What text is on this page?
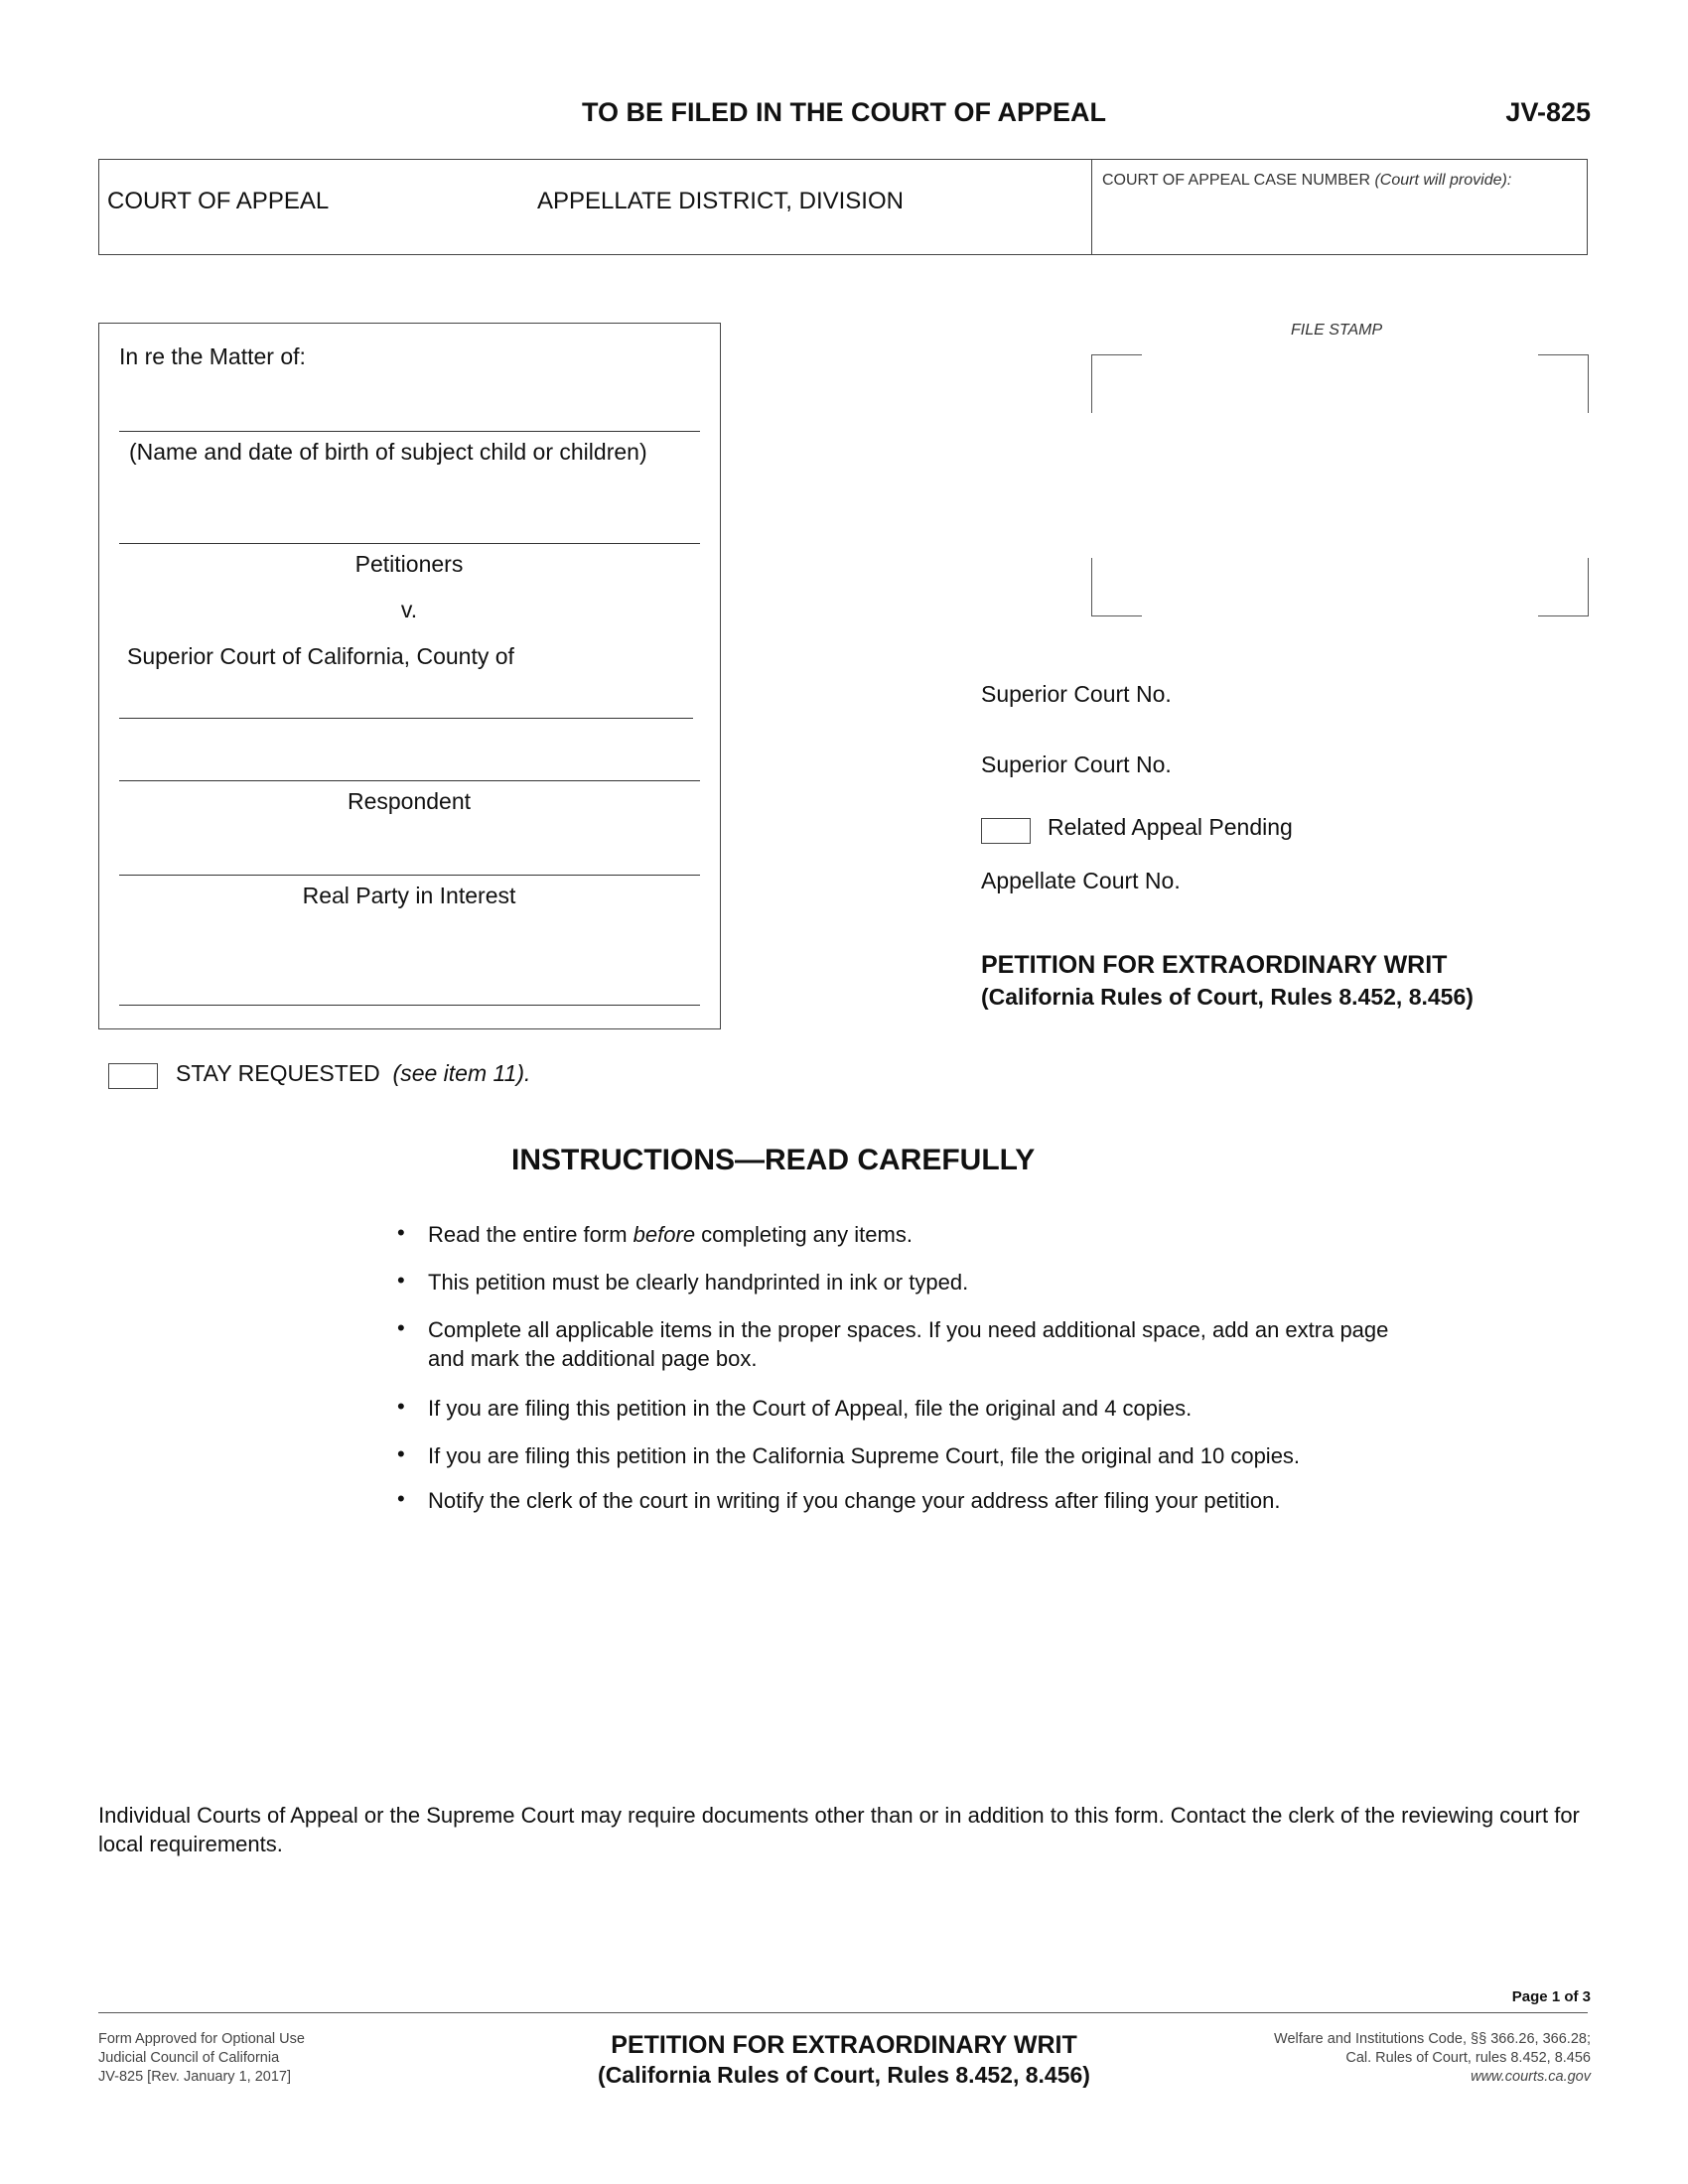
TO BE FILED IN THE COURT OF APPEAL	JV-825
COURT OF APPEAL	APPELLATE DISTRICT, DIVISION
COURT OF APPEAL CASE NUMBER (Court will provide):
In re the Matter of:
(Name and date of birth of subject child or children)
Petitioners
v.
Superior Court of California, County of
Respondent
Real Party in Interest
FILE STAMP
Superior Court No.
Superior Court No.
Related Appeal Pending
Appellate Court No.
PETITION FOR EXTRAORDINARY WRIT
(California Rules of Court, Rules 8.452, 8.456)
STAY REQUESTED (see item 11).
INSTRUCTIONS—READ CAREFULLY
• Read the entire form before completing any items.
• This petition must be clearly handprinted in ink or typed.
• Complete all applicable items in the proper spaces. If you need additional space, add an extra page and mark the additional page box.
• If you are filing this petition in the Court of Appeal, file the original and 4 copies.
• If you are filing this petition in the California Supreme Court, file the original and 10 copies.
• Notify the clerk of the court in writing if you change your address after filing your petition.
Individual Courts of Appeal or the Supreme Court may require documents other than or in addition to this form. Contact the clerk of the reviewing court for local requirements.
Page 1 of 3
Form Approved for Optional Use
Judicial Council of California
JV-825 [Rev. January 1, 2017]
PETITION FOR EXTRAORDINARY WRIT
(California Rules of Court, Rules 8.452, 8.456)
Welfare and Institutions Code, §§ 366.26, 366.28;
Cal. Rules of Court, rules 8.452, 8.456
www.courts.ca.gov
